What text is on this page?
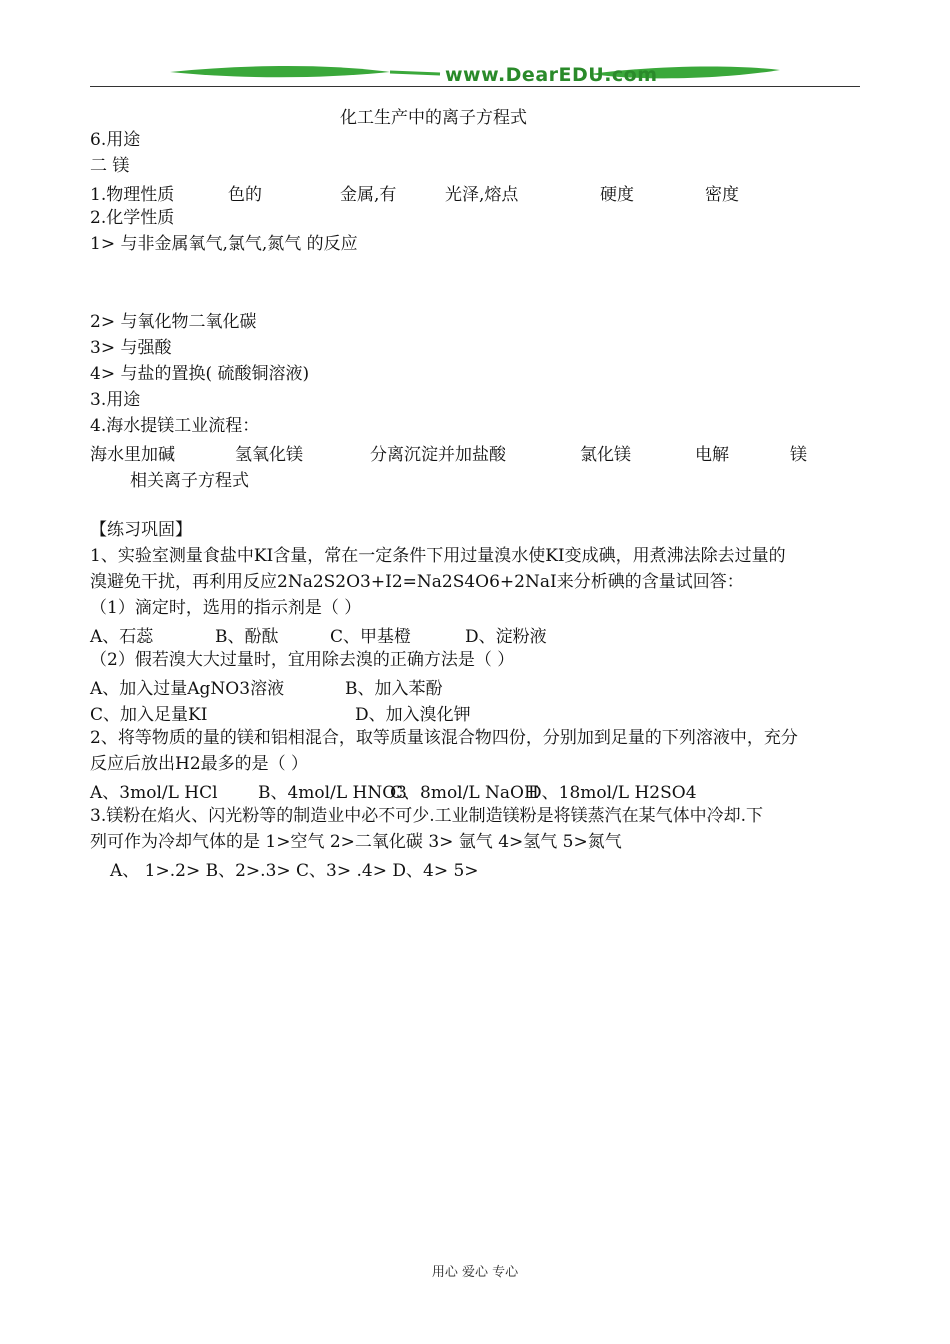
www.DearEDU.com
化工生产中的离子方程式
6.用途
二 镁
1.物理性质	色的	金属,有	光泽,熔点	硬度	密度
2.化学性质
1> 与非金属氧气,氯气,氮气 的反应
2> 与氧化物二氧化碳
3> 与强酸
4> 与盐的置换( 硫酸铜溶液)
3.用途
4.海水提镁工业流程：
海水里加碱	氢氧化镁	分离沉淀并加盐酸	氯化镁	电解	镁
相关离子方程式
【练习巩固】
1、实验室测量食盐中KI含量，常在一定条件下用过量溴水使KI变成碘，用煮沸法除去过量的
溴避免干扰，再利用反应2Na2S2O3+I2=Na2S4O6+2NaI来分析碘的含量试回答：
（1）滴定时，选用的指示剂是（ ）
A、石蕊	B、酚酞	C、甲基橙	D、淀粉液
（2）假若溴大大过量时，宜用除去溴的正确方法是（ ）
A、加入过量AgNO3溶液	B、加入苯酚
C、加入足量KI	D、加入溴化钾
2、将等物质的量的镁和铝相混合，取等质量该混合物四份，分别加到足量的下列溶液中，充分
反应后放出H2最多的是（ ）
A、3mol/L HCl B、4mol/L HNO3
C、8mol/L NaOH
D、18mol/L H2SO4
3.镁粉在焰火、闪光粉等的制造业中必不可少.工业制造镁粉是将镁蒸汽在某气体中冷却.下
列可作为冷却气体的是 1>空气 2>二氧化碳 3> 氩气 4>氢气 5>氮气
A、 1>.2> B、2>.3> C、3> .4> D、4> 5>
用心 爱心 专心
